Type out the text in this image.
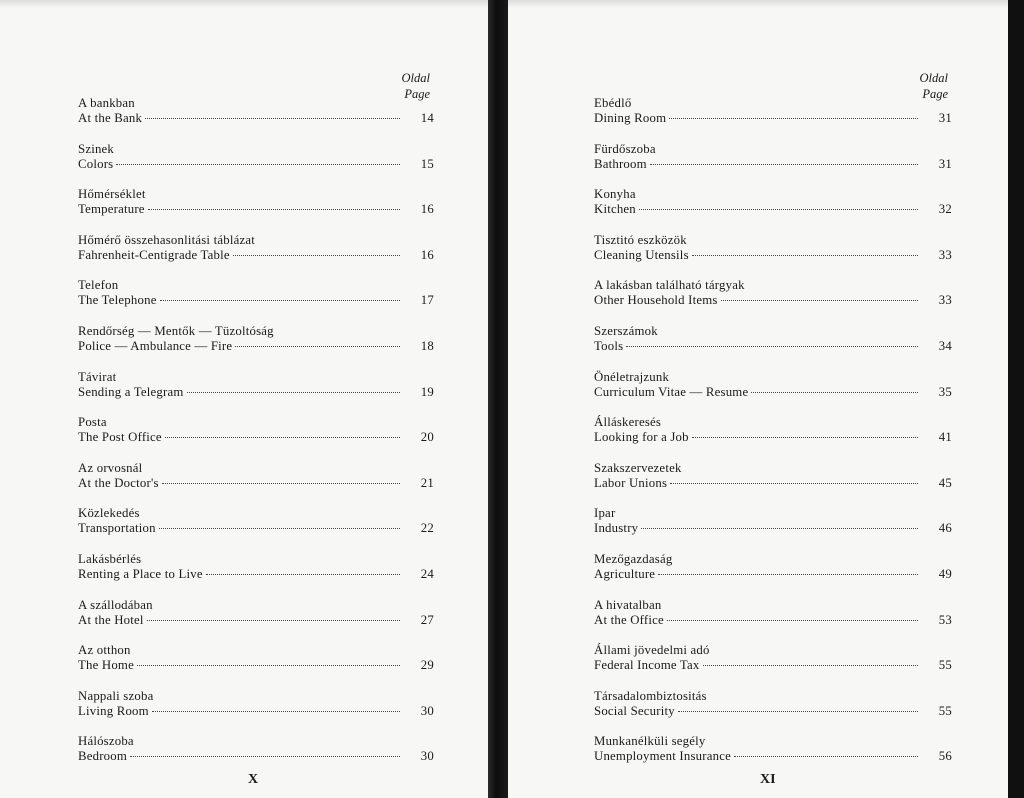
Oldal
Page
A bankban
At the Bank	14
Szinek
Colors	15
Hőmérséklet
Temperature	16
Hőmérő összehasonlitási táblázat
Fahrenheit-Centigrade Table	16
Telefon
The Telephone	17
Rendőrség — Mentők — Tüzoltóság
Police — Ambulance — Fire	18
Távirat
Sending a Telegram	19
Posta
The Post Office	20
Az orvosnál
At the Doctor's	21
Közlekedés
Transportation	22
Lakásbérlés
Renting a Place to Live	24
A szállodában
At the Hotel	27
Az otthon
The Home	29
Nappali szoba
Living Room	30
Hálószoba
Bedroom	30
X
Oldal
Page
Ebédlő
Dining Room	31
Fürdőszoba
Bathroom	31
Konyha
Kitchen	32
Tisztitó eszközök
Cleaning Utensils	33
A lakásban található tárgyak
Other Household Items	33
Szerszámok
Tools	34
Önéletrajzunk
Curriculum Vitae — Resume	35
Álláskeresés
Looking for a Job	41
Szakszervezetek
Labor Unions	45
Ipar
Industry	46
Mezőgazdaság
Agriculture	49
A hivatalban
At the Office	53
Állami jövedelmi adó
Federal Income Tax	55
Társadalombiztositás
Social Security	55
Munkanélküli segély
Unemployment Insurance	56
XI
